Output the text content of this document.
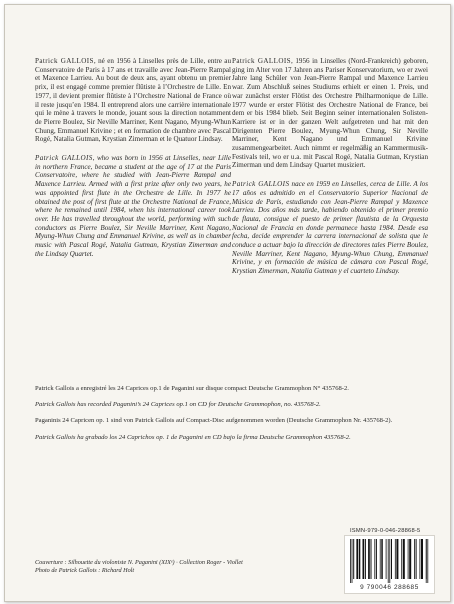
Patrick GALLOIS, né en 1956 à Linselles près de Lille, entre au Conservatoire de Paris à 17 ans et travaille avec Jean-Pierre Rampal et Maxence Larrieu. Au bout de deux ans, ayant obtenu un premier prix, il est engagé comme premier flûtiste à l’Orchestre de Lille. En 1977, il devient premier flûtiste à l’Orchestre National de France où il reste jusqu’en 1984. Il entreprend alors une carrière internationale qui le mène à travers le monde, jouant sous la direction notamment de Pierre Boulez, Sir Neville Marriner, Kent Nagano, Myung-Whun Chung, Emmanuel Krivine ; et en formation de chambre avec Pascal Rogé, Natalia Gutman, Krystian Zimerman et le Quatuor Lindsay.

Patrick GALLOIS, who was born in 1956 at Linselles, near Lille in northern France, became a student at the age of 17 at the Paris Conservatoire, where he studied with Jean-Pierre Rampal and Maxence Larrieu. Armed with a first prize after only two years, he was appointed first flute in the Orchestre de Lille. In 1977 he obtained the post of first flute at the Orchestre National de France, where he remained until 1984, when his international career took over. He has travelled throughout the world, performing with such conductors as Pierre Boulez, Sir Neville Marriner, Kent Nagano, Myung-Whun Chung and Emmanuel Krivine, as well as in chamber music with Pascal Rogé, Natalia Gutman, Krystian Zimerman and the Lindsay Quartet.

Patrick GALLOIS, 1956 in Linselles (Nord-Frankreich) geboren, ging im Alter von 17 Jahren ans Pariser Konservatorium, wo er zwei Jahre lang Schüler von Jean-Pierre Rampal und Maxence Larrieu war. Zum Abschluß seines Studiums erhielt er einen 1. Preis, und war zunächst erster Flötist des Orchestre Philharmonique de Lille. 1977 wurde er erster Flötist des Orchestre National de France, bei dem er bis 1984 blieb. Seit Beginn seiner internationalen Solisten-Karriere ist er in der ganzen Welt aufgetreten und hat mit den Dirigenten Pierre Boulez, Myung-Whun Chung, Sir Neville Marriner, Kent Nagano und Emmanuel Krivine zusammengearbeitet. Auch nimmt er regelmäßig an Kammermusik-Festivals teil, wo er u.a. mit Pascal Rogé, Natalia Gutman, Krystian Zimerman und dem Lindsay Quartet musiziert.

Patrick GALLOIS nace en 1959 en Linselles, cerca de Lille. A los 17 años es admitido en el Conservatorio Superior Nacional de Música de París, estudiando con Jean-Pierre Rampal y Maxence Larrieu. Dos años más tarde, habiendo obtenido el primer premio de flauta, consigue el puesto de primer flautista de la Orquesta Nacional de Francia en donde permanece hasta 1984. Desde esa fecha, decide emprender la carrera internacional de solista que le conduce a actuar bajo la dirección de directores tales Pierre Boulez, Neville Marriner, Kent Nagano, Myung-Whun Chung, Emmanuel Krivine, y en formación de música de cámara con Pascal Rogé, Krystian Zimerman, Natalia Gutman y el cuarteto Lindsay.

Patrick Gallois a enregistré les 24 Caprices op.1 de Paganini sur disque compact Deutsche Grammophon N° 435768-2.

Patrick Gallois has recorded Paganini’s 24 Caprices op.1 on CD for Deutsche Grammophon, no. 435768-2.

Paganinis 24 Capricen op. 1 sind von Patrick Gallois auf Compact-Disc aufgenommen worden (Deutsche Grammophon Nr. 435768-2).

Patrick Gallois ha grabado los 24 Caprichos op. 1 de Paganini en CD bajo la firma Deutsche Grammophon 435768-2.

Couverture : Silhouette du violoniste N. Paganini (XIXᵉ) · Collection Roger - Viollet
Photo de Patrick Gallois : Richard Holt
ISMN-979-0-046-28868-5
9 790046 288685
